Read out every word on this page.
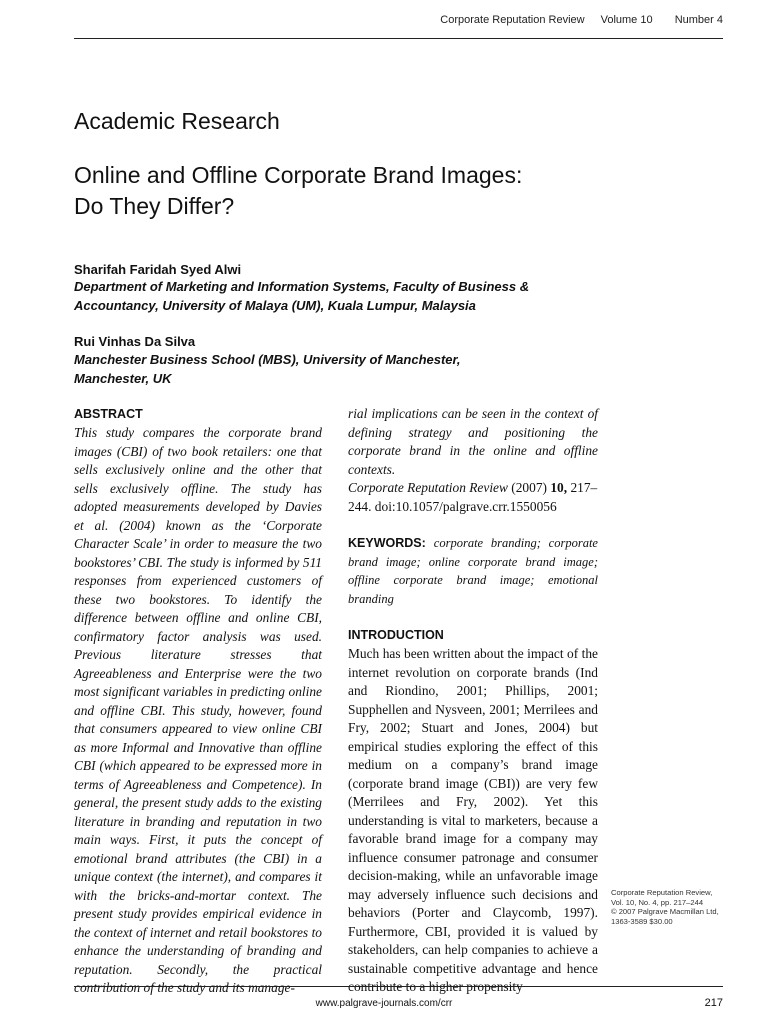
Corporate Reputation Review Volume 10 Number 4
Academic Research
Online and Offline Corporate Brand Images:
Do They Differ?
Sharifah Faridah Syed Alwi
Department of Marketing and Information Systems, Faculty of Business &
Accountancy, University of Malaya (UM), Kuala Lumpur, Malaysia
Rui Vinhas Da Silva
Manchester Business School (MBS), University of Manchester,
Manchester, UK
ABSTRACT

This study compares the corporate brand images (CBI) of two book retailers: one that sells exclusively online and the other that sells exclusively offline. The study has adopted measurements developed by Davies et al. (2004) known as the ‘Corporate Character Scale’ in order to measure the two bookstores’ CBI. The study is informed by 511 responses from experienced customers of these two bookstores. To identify the difference between offline and online CBI, confirmatory factor analysis was used. Previous literature stresses that Agreeableness and Enterprise were the two most significant variables in predicting online and offline CBI. This study, however, found that consumers appeared to view online CBI as more Informal and Innovative than offline CBI (which appeared to be expressed more in terms of Agreeableness and Competence). In general, the present study adds to the existing literature in branding and reputation in two main ways. First, it puts the concept of emotional brand attributes (the CBI) in a unique context (the internet), and compares it with the bricks-and-mortar context. The present study provides empirical evidence in the context of internet and retail bookstores to enhance the understanding of branding and reputation. Secondly, the practical contribution of the study and its manage-

rial implications can be seen in the context of defining strategy and positioning the corporate brand in the online and offline contexts.

Corporate Reputation Review (2007) 10, 217–244. doi:10.1057/palgrave.crr.1550056

KEYWORDS: corporate branding; corporate brand image; online corporate brand image; offline corporate brand image; emotional branding

INTRODUCTION

Much has been written about the impact of the internet revolution on corporate brands (Ind and Riondino, 2001; Phillips, 2001; Supphellen and Nysveen, 2001; Merrilees and Fry, 2002; Stuart and Jones, 2004) but empirical studies exploring the effect of this medium on a company’s brand image (corporate brand image (CBI)) are very few (Merrilees and Fry, 2002). Yet this understanding is vital to marketers, because a favorable brand image for a company may influence consumer patronage and consumer decision-making, while an unfavorable image may adversely influence such decisions and behaviors (Porter and Claycomb, 1997). Furthermore, CBI, provided it is valued by stakeholders, can help companies to achieve a sustainable competitive advantage and hence contribute to a higher propensity

Corporate Reputation Review,
Vol. 10, No. 4, pp. 217–244
© 2007 Palgrave Macmillan Ltd,
1363-3589 $30.00
www.palgrave-journals.com/crr	217
